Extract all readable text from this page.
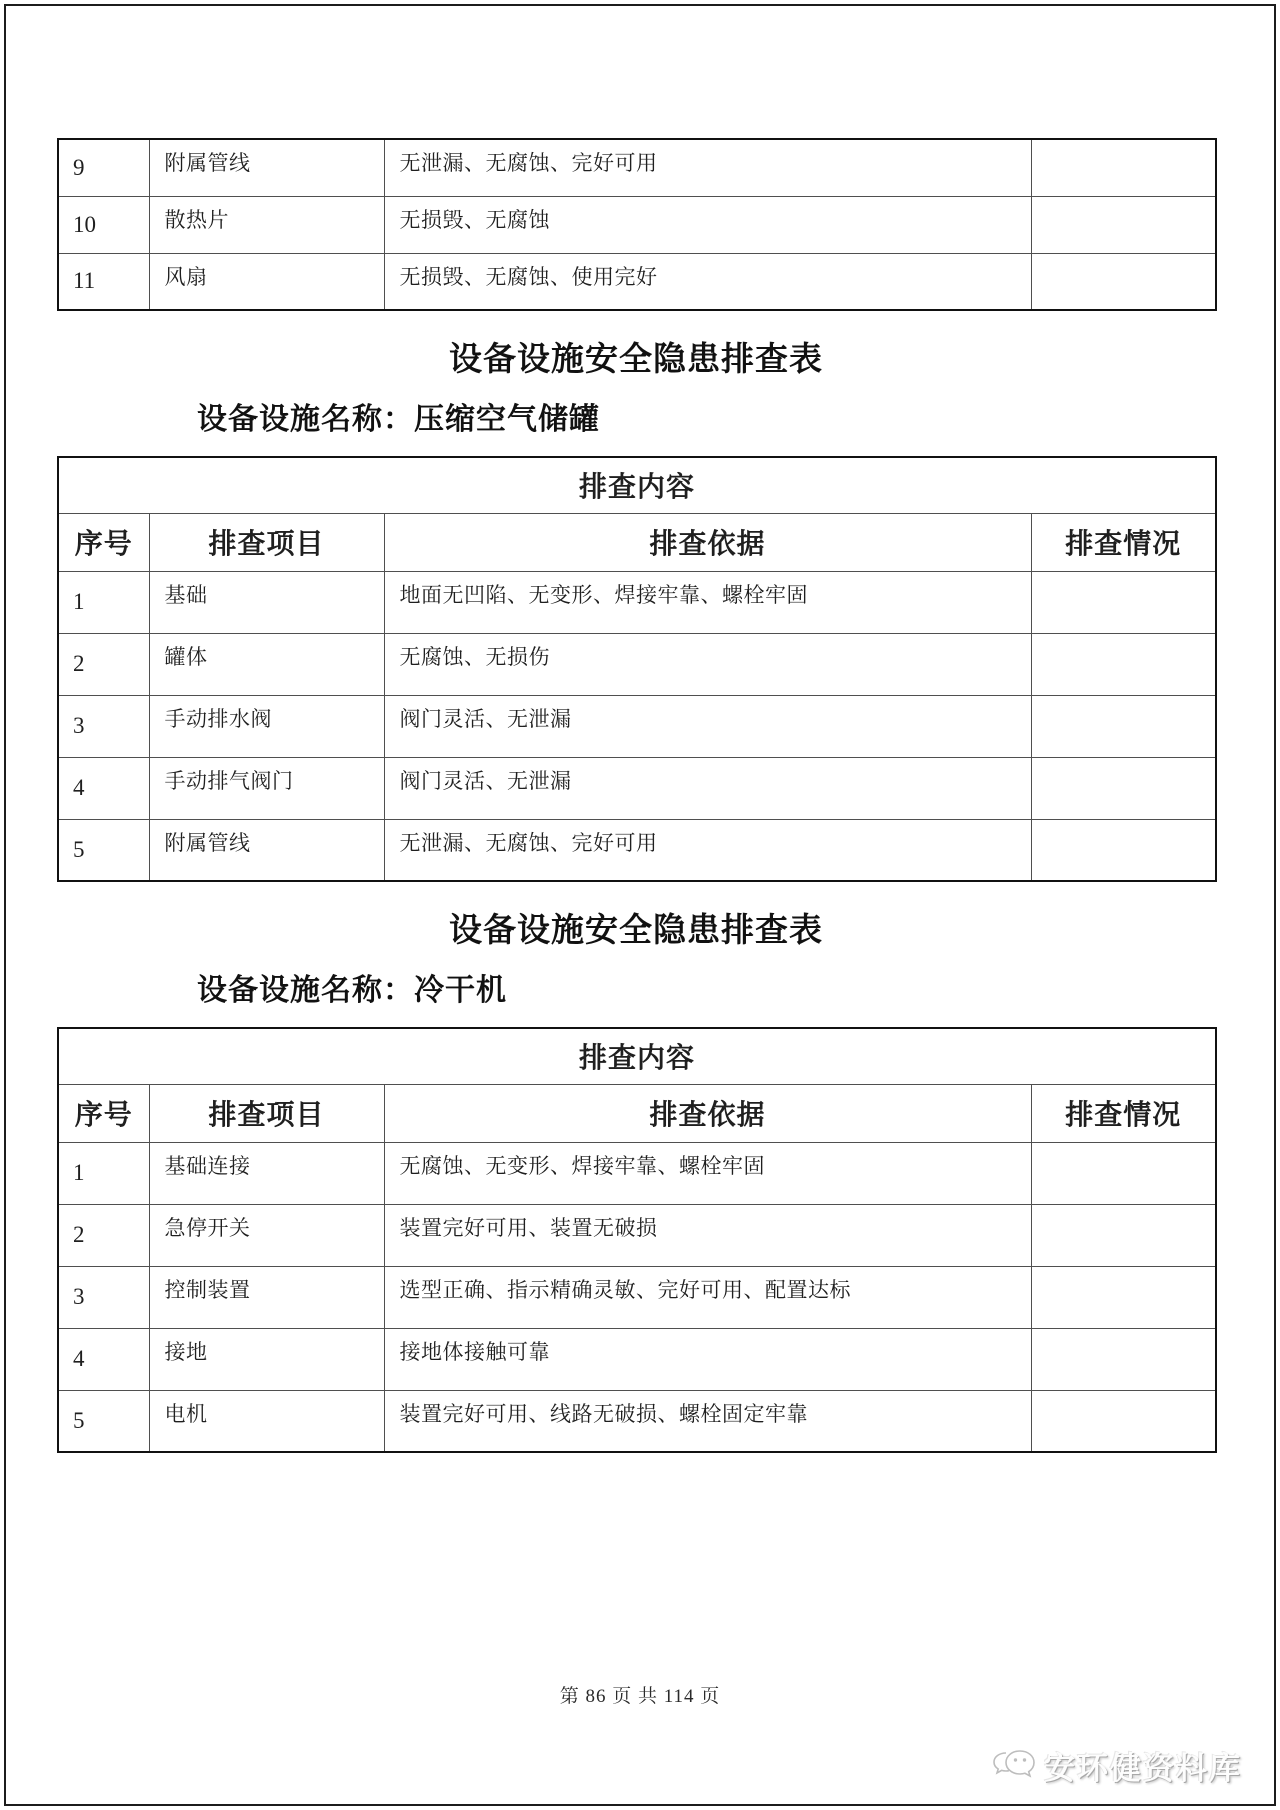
9	附属管线	无泄漏、无腐蚀、完好可用	
10	散热片	无损毁、无腐蚀	
11	风扇	无损毁、无腐蚀、使用完好	
设备设施安全隐患排查表
设备设施名称：压缩空气储罐
排查内容			
序号	排查项目	排查依据	排查情况
1	基础	地面无凹陷、无变形、焊接牢靠、螺栓牢固	
2	罐体	无腐蚀、无损伤	
3	手动排水阀	阀门灵活、无泄漏	
4	手动排气阀门	阀门灵活、无泄漏	
5	附属管线	无泄漏、无腐蚀、完好可用	
设备设施安全隐患排查表
设备设施名称：冷干机
排查内容			
序号	排查项目	排查依据	排查情况
1	基础连接	无腐蚀、无变形、焊接牢靠、螺栓牢固	
2	急停开关	装置完好可用、装置无破损	
3	控制装置	选型正确、指示精确灵敏、完好可用、配置达标	
4	接地	接地体接触可靠	
5	电机	装置完好可用、线路无破损、螺栓固定牢靠	
第 86 页 共 114 页
安环健资料库
